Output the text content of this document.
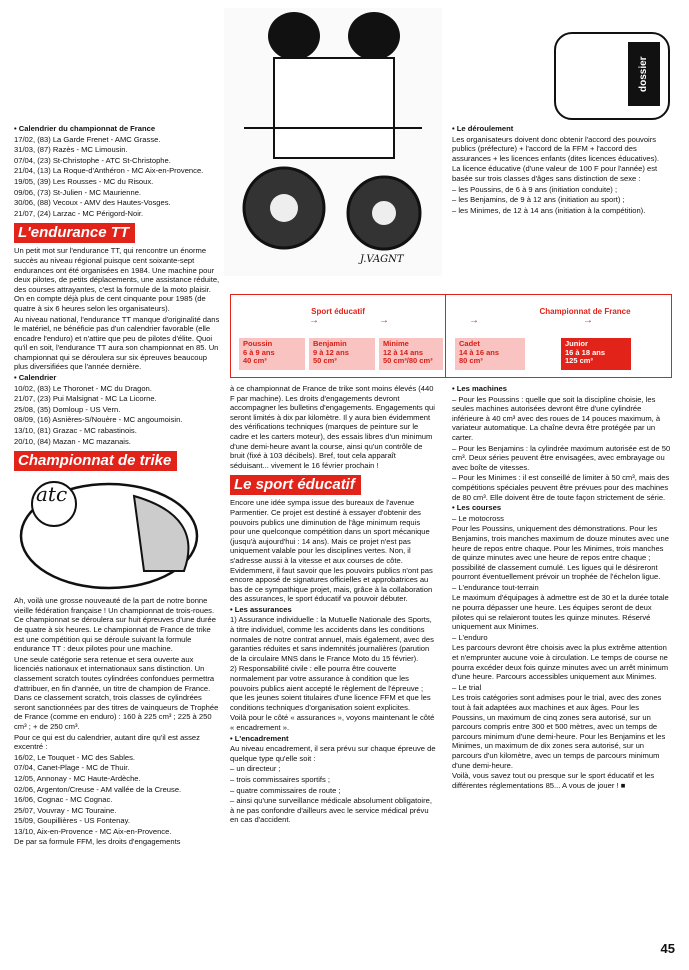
J.VAGNT
dossier

• Calendrier du championnat de France

17/02, (83) La Garde Frenet - AMC Grasse.

31/03, (87) Razès - MC Limousin.

07/04, (23) St-Christophe - ATC St-Christophe.

21/04, (13) La Roque-d'Anthéron - MC Aix-en-Provence.

19/05, (39) Les Rousses - MC du Risoux.

09/06, (73) St-Julien - MC Maurienne.

30/06, (88) Vecoux - AMV des Hautes-Vosges.

21/07, (24) Larzac - MC Périgord-Noir.

L'endurance TT

Un petit mot sur l'endurance TT, qui rencontre un énorme succès au niveau régional puisque cent soixante-sept endurances ont été organisées en 1984. Une machine pour deux pilotes, de petits déplacements, une assistance réduite, des courses attrayantes, c'est la formule de la moto plaisir. On en compte déjà plus de cent cinquante pour 1985 (de quatre à six 6 heures selon les organisateurs).

Au niveau national, l'endurance TT manque d'originalité dans le matériel, ne bénéficie pas d'un calendrier favorable (elle encadre l'enduro) et n'attire que peu de pilotes d'élite. Quoi qu'il en soit, l'endurance TT aura son championnat en 85. Un championnat qui se déroulera sur six épreuves beaucoup plus diversifiées que l'année dernière.

• Calendrier

10/02, (83) Le Thoronet - MC du Dragon.

21/07, (23) Pui Malsignat - MC La Licorne.

25/08, (35) Domloup - US Vern.

08/09, (16) Asnières-S/Nouère - MC angoumoisin.

13/10, (81) Grazac - MC rabastinois.

20/10, (84) Mazan - MC mazanais.

Championnat de trike
atc

Ah, voilà une grosse nouveauté de la part de notre bonne vieille fédération française ! Un championnat de trois-roues. Ce championnat se déroulera sur huit épreuves d'une durée de quatre à six heures. Le championnat de France de trike est une compétition qui se déroule suivant la formule endurance TT : deux pilotes pour une machine.

Une seule catégorie sera retenue et sera ouverte aux licenciés nationaux et internationaux sans distinction. Un classement scratch toutes cylindrées confondues permettra d'attribuer, en fin d'année, un titre de champion de France. Dans ce classement scratch, trois classes de cylindrées seront sanctionnées par des titres de vainqueurs de Trophée de France (comme en enduro) : 160 à 225 cm³ ; 225 à 250 cm³ ; + de 250 cm³.

Pour ce qui est du calendrier, autant dire qu'il est assez excentré :

16/02, Le Touquet - MC des Sables.

07/04, Canet-Plage - MC de Thuir.

12/05, Annonay - MC Haute-Ardèche.

02/06, Argenton/Creuse - AM vallée de la Creuse.

16/06, Cognac - MC Cognac.

25/07, Vouvray - MC Touraine.

15/09, Goupillières - US Fontenay.

13/10, Aix-en-Provence - MC Aix-en-Provence.

De par sa formule FFM, les droits d'engagements

Sport éducatif	Championnat de France
→	→	→	→
Poussin
6 à 9 ans
40 cm³
Benjamin
9 à 12 ans
50 cm³
Minime
12 à 14 ans
50 cm³/80 cm³
Cadet
14 à 16 ans
80 cm³
Junior
16 à 18 ans
125 cm³

à ce championnat de France de trike sont moins élevés (440 F par machine). Les droits d'engagements devront accompagner les bulletins d'engagements. Engagements qui seront limités à dix par kilomètre. Il y aura bien évidemment des vérifications techniques (marques de peinture sur le cadre et les carters moteur), des essais libres d'un minimum d'une demi-heure avant la course, ainsi qu'un contrôle de bruit (fixé à 103 décibels). Bref, tout cela apparaît séduisant... vivement le 16 février prochain !

Le sport éducatif

Encore une idée sympa issue des bureaux de l'avenue Parmentier. Ce projet est destiné à essayer d'obtenir des pouvoirs publics une diminution de l'âge minimum requis pour une quelconque compétition dans un sport mécanique (jusqu'à aujourd'hui : 14 ans). Mais ce projet n'est pas uniquement valable pour les disciplines vertes. Non, il s'adresse aussi à la vitesse et aux courses de côte. Evidemment, il faut savoir que les pouvoirs publics n'ont pas encore apposé de signatures officielles et approbatrices au bas de ce sympathique projet, mais, grâce à la collaboration des assurances, le sport éducatif va pouvoir débuter.

• Les assurances

1) Assurance individuelle : la Mutuelle Nationale des Sports, à titre individuel, comme les accidents dans les conditions normales de notre contrat annuel, mais également, avec des garanties réduites et sans indemnités journalières (parution de la circulaire MNS dans le France Moto du 15 février).

2) Responsabilité civile : elle pourra être couverte normalement par votre assurance à condition que les pouvoirs publics aient accepté le règlement de l'épreuve ; que les jeunes soient titulaires d'une licence FFM et que les conditions techniques d'organisation soient explicites.

Voilà pour le côté « assurances », voyons maintenant le côté « encadrement ».

• L'encadrement

Au niveau encadrement, il sera prévu sur chaque épreuve de quelque type qu'elle soit :

– un directeur ;

– trois commissaires sportifs ;

– quatre commissaires de route ;

– ainsi qu'une surveillance médicale absolument obligatoire, à ne pas confondre d'ailleurs avec le service médical prévu en cas d'accident.

• Le déroulement

Les organisateurs doivent donc obtenir l'accord des pouvoirs publics (préfecture) + l'accord de la FFM + l'accord des assurances + les licences enfants (dites licences éducatives).

La licence éducative (d'une valeur de 100 F pour l'année) est basée sur trois classes d'âges sans distinction de sexe :

– les Poussins, de 6 à 9 ans (initiation conduite) ;

– les Benjamins, de 9 à 12 ans (initiation au sport) ;

– les Minimes, de 12 à 14 ans (initiation à la compétition).

• Les machines

– Pour les Poussins : quelle que soit la discipline choisie, les seules machines autorisées devront être d'une cylindrée inférieure à 40 cm³ avec des roues de 14 pouces maximum, à variateur automatique. La chaîne devra être protégée par un carter.

– Pour les Benjamins : la cylindrée maximum autorisée est de 50 cm³. Deux séries peuvent être envisagées, avec embrayage ou avec boîte de vitesses.

– Pour les Minimes : il est conseillé de limiter à 50 cm³, mais des compétitions spéciales peuvent être prévues pour des machines de 80 cm³. Elle doivent être de toute façon strictement de série.

• Les courses

– Le motocross

Pour les Poussins, uniquement des démonstrations. Pour les Benjamins, trois manches maximum de douze minutes avec une heure de repos entre chaque. Pour les Minimes, trois manches de quinze minutes avec une heure de repos entre chaque ; possibilité de classement cumulé. Les ligues qui le désireront pourront éventuellement prévoir un trophée de l'échelon ligue.

– L'endurance tout-terrain

Le maximum d'équipages à admettre est de 30 et la durée totale ne pourra dépasser une heure. Les équipes seront de deux pilotes qui se relaieront toutes les quinze minutes. Réservé uniquement aux Minimes.

– L'enduro

Les parcours devront être choisis avec la plus extrême attention et n'emprunter aucune voie à circulation. Le temps de course ne pourra excéder deux fois quinze minutes avec un arrêt minimum d'une heure. Parcours accessibles uniquement aux Minimes.

– Le trial

Les trois catégories sont admises pour le trial, avec des zones tout à fait adaptées aux machines et aux âges. Pour les Poussins, un maximum de cinq zones sera autorisé, sur un parcours compris entre 300 et 500 mètres, avec un temps de parcours minimum d'une demi-heure. Pour les Benjamins et les Minimes, un maximum de dix zones sera autorisé, sur un parcours d'un kilomètre, avec un temps de parcours minimum d'une demi-heure.

Voilà, vous savez tout ou presque sur le sport éducatif et les différentes réglementations 85... A vous de jouer ! ■

45
